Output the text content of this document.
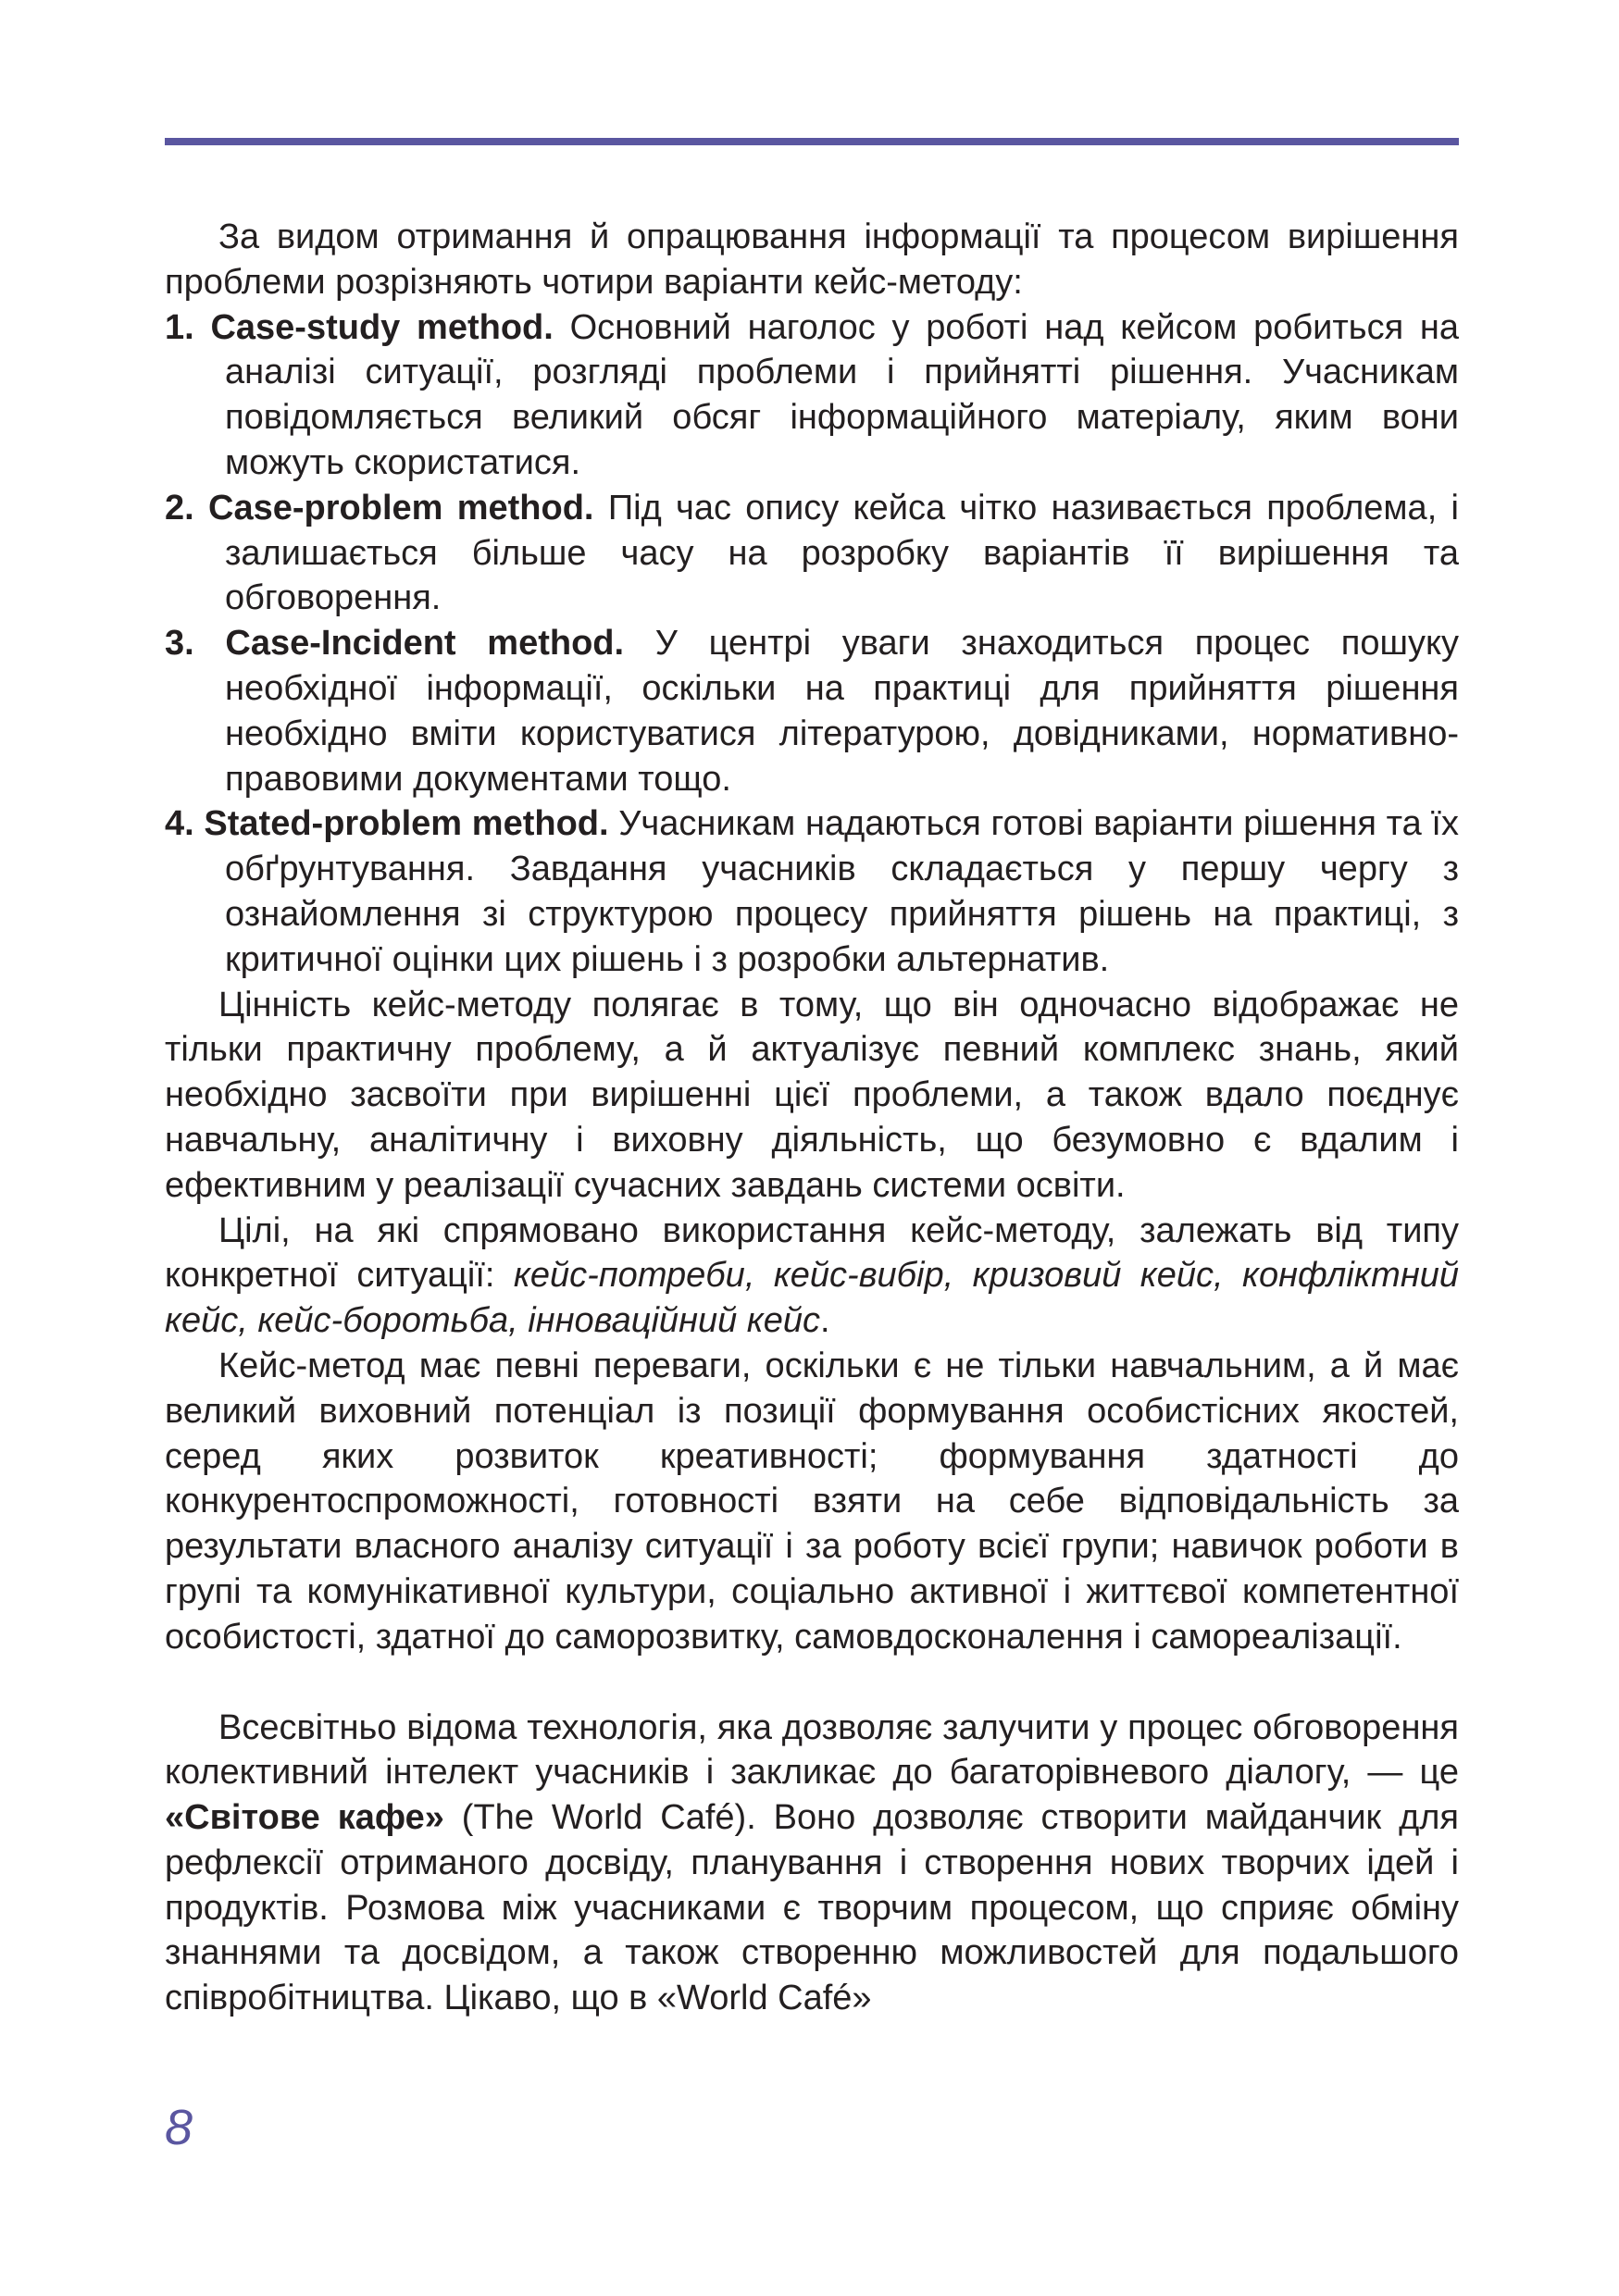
За видом отримання й опрацювання інформації та процесом вирішення проблеми розрізняють чотири варіанти кейс-методу:

1. Case-study method. Основний наголос у роботі над кейсом робиться на аналізі ситуації, розгляді проблеми і прийнятті рішення. Учасникам повідомляється великий обсяг інформаційного матеріалу, яким вони можуть скористатися.

2. Case-problem method. Під час опису кейса чітко називається проблема, і залишається більше часу на розробку варіантів її вирішення та обговорення.

3. Case-Incident method. У центрі уваги знаходиться процес пошуку необхідної інформації, оскільки на практиці для прийняття рішення необхідно вміти користуватися літературою, довідниками, нормативно-правовими документами тощо.

4. Stated-problem method. Учасникам надаються готові варіанти рішення та їх обґрунтування. Завдання учасників складається у першу чергу з ознайомлення зі структурою процесу прийняття рішень на практиці, з критичної оцінки цих рішень і з розробки альтернатив.

Цінність кейс-методу полягає в тому, що він одночасно відображає не тільки практичну проблему, а й актуалізує певний комплекс знань, який необхідно засвоїти при вирішенні цієї проблеми, а також вдало поєднує навчальну, аналітичну і виховну діяльність, що безумовно є вдалим і ефективним у реалізації сучасних завдань системи освіти.

Цілі, на які спрямовано використання кейс-методу, залежать від типу конкретної ситуації: кейс-потреби, кейс-вибір, кризовий кейс, конфліктний кейс, кейс-боротьба, інноваційний кейс.

Кейс-метод має певні переваги, оскільки є не тільки навчальним, а й має великий виховний потенціал із позиції формування особистісних якостей, серед яких розвиток креативності; формування здатності до конкурентоспроможності, готовності взяти на себе відповідальність за результати власного аналізу ситуації і за роботу всієї групи; навичок роботи в групі та комунікативної культури, соціально активної і життєвої компетентної особистості, здатної до саморозвитку, самовдосконалення і самореалізації.

Всесвітньо відома технологія, яка дозволяє залучити у процес обговорення колективний інтелект учасників і закликає до багаторівневого діалогу, — це «Світове кафе» (The World Café). Воно дозволяє створити майданчик для рефлексії отриманого досвіду, планування і створення нових творчих ідей і продуктів. Розмова між учасниками є творчим процесом, що сприяє обміну знаннями та досвідом, а також створенню можливостей для подальшого співробітництва. Цікаво, що в «World Café»

8
